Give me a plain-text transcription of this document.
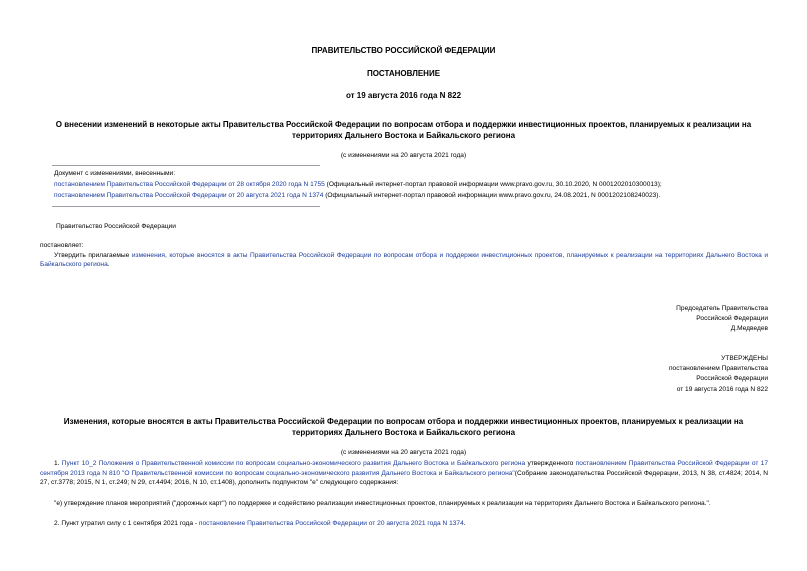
ПРАВИТЕЛЬСТВО РОССИЙСКОЙ ФЕДЕРАЦИИ
ПОСТАНОВЛЕНИЕ
от 19 августа 2016 года N 822
О внесении изменений в некоторые акты Правительства Российской Федерации по вопросам отбора и поддержки инвестиционных проектов, планируемых к реализации на территориях Дальнего Востока и Байкальского региона
(с изменениями на 20 августа 2021 года)
Документ с изменениями, внесенными:
постановлением Правительства Российской Федерации от 28 октября 2020 года N 1755 (Официальный интернет-портал правовой информации www.pravo.gov.ru, 30.10.2020, N 0001202010300013);
постановлением Правительства Российской Федерации от 20 августа 2021 года N 1374 (Официальный интернет-портал правовой информации www.pravo.gov.ru, 24.08.2021, N 0001202108240023).
Правительство Российской Федерации
постановляет:
Утвердить прилагаемые изменения, которые вносятся в акты Правительства Российской Федерации по вопросам отбора и поддержки инвестиционных проектов, планируемых к реализации на территориях Дальнего Востока и Байкальского региона.
Председатель Правительства
Российской Федерации
Д.Медведев
УТВЕРЖДЕНЫ
постановлением Правительства
Российской Федерации
от 19 августа 2016 года N 822
Изменения, которые вносятся в акты Правительства Российской Федерации по вопросам отбора и поддержки инвестиционных проектов, планируемых к реализации на территориях Дальнего Востока и Байкальского региона
(с изменениями на 20 августа 2021 года)
1. Пункт 10_2 Положения о Правительственной комиссии по вопросам социально-экономического развития Дальнего Востока и Байкальского региона утвержденного постановлением Правительства Российской Федерации от 17 сентября 2013 года N 810 "О Правительственной комиссии по вопросам социально-экономического развития Дальнего Востока и Байкальского региона"(Собрание законодательства Российской Федерации, 2013, N 38, ст.4824; 2014, N 27, ст.3778; 2015, N 1, ст.249; N 29, ст.4494; 2016, N 10, ст.1408), дополнить подпунктом "е" следующего содержания:
"е) утверждение планов мероприятий ("дорожных карт") по поддержке и содействию реализации инвестиционных проектов, планируемых к реализации на территориях Дальнего Востока и Байкальского региона.".
2. Пункт утратил силу с 1 сентября 2021 года - постановление Правительства Российской Федерации от 20 августа 2021 года N 1374.
